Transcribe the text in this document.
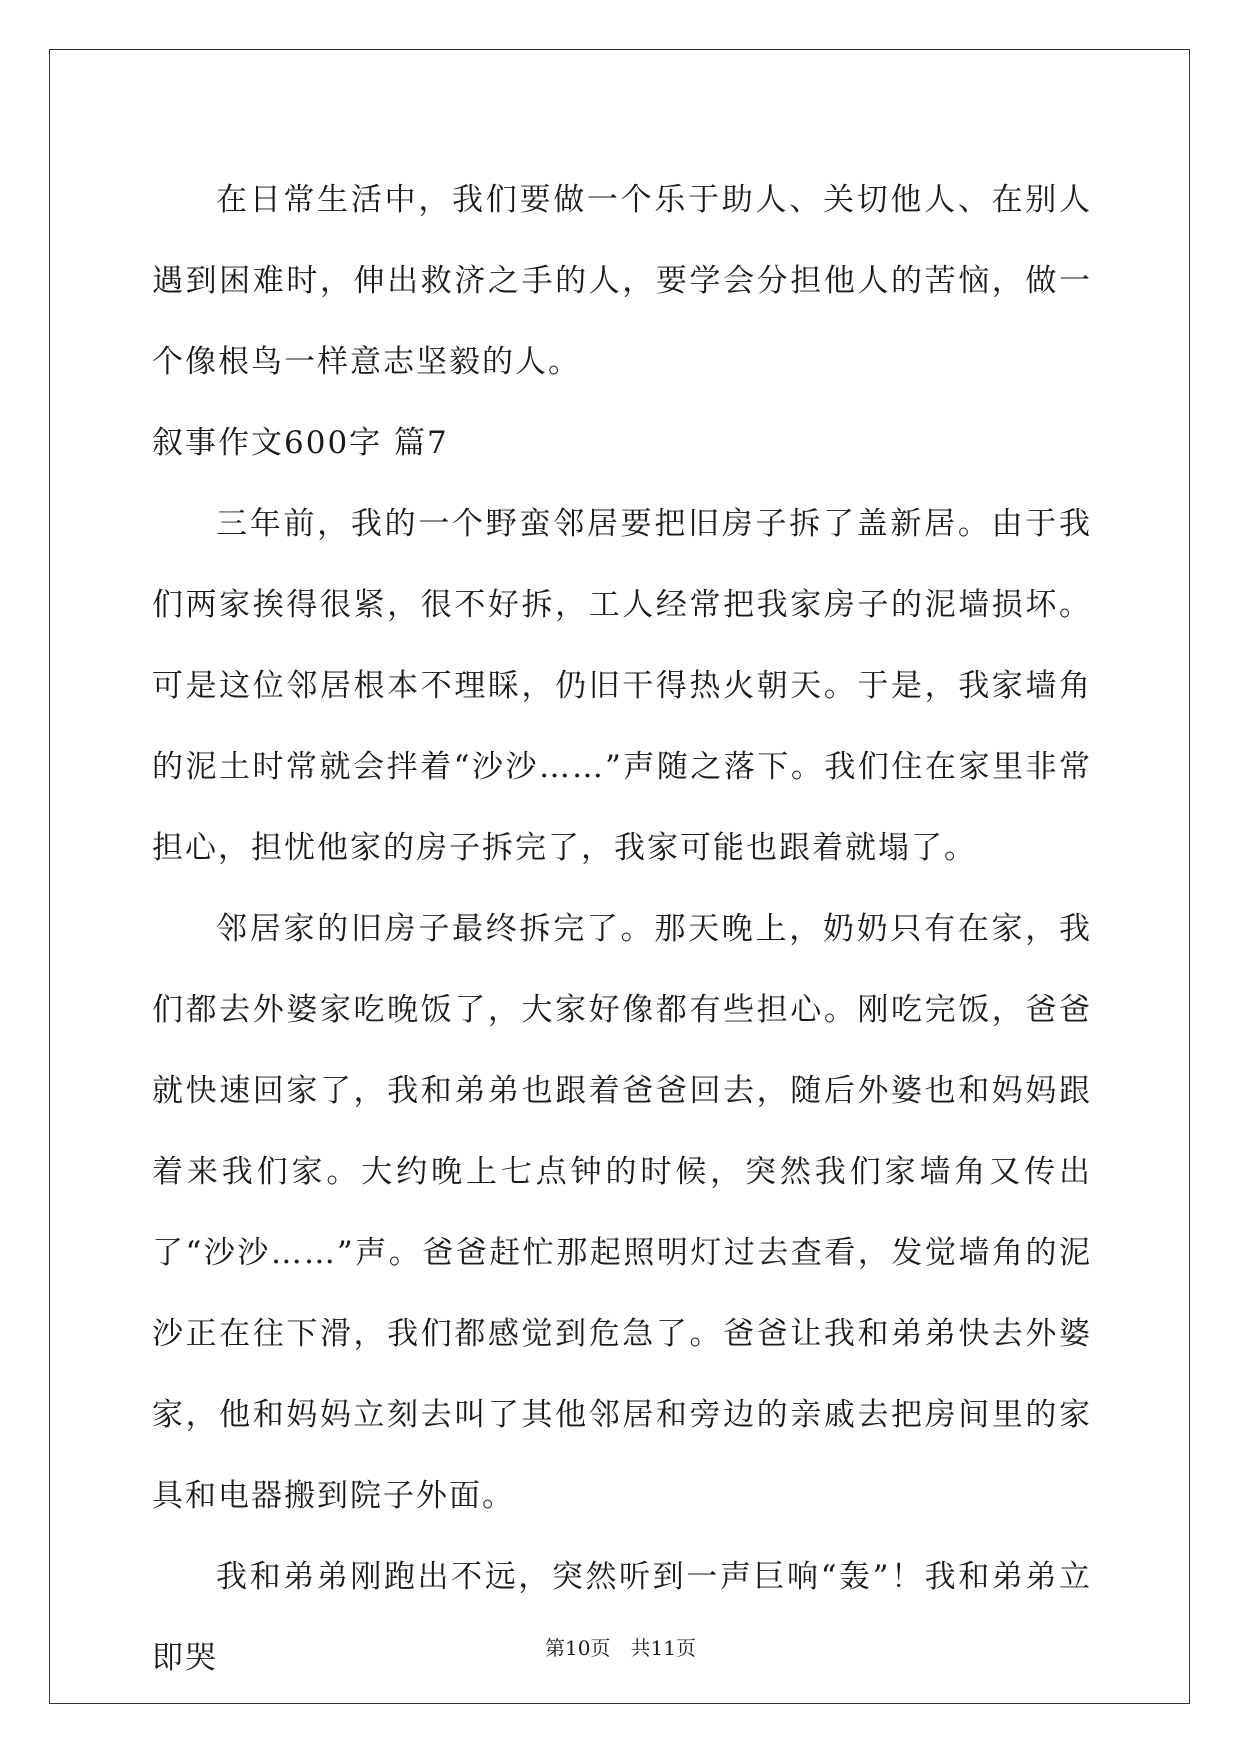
在日常生活中，我们要做一个乐于助人、关切他人、在别人遇到困难时，伸出救济之手的人，要学会分担他人的苦恼，做一个像根鸟一样意志坚毅的人。

叙事作文600字 篇7

三年前，我的一个野蛮邻居要把旧房子拆了盖新居。由于我们两家挨得很紧，很不好拆，工人经常把我家房子的泥墙损坏。可是这位邻居根本不理睬，仍旧干得热火朝天。于是，我家墙角的泥土时常就会拌着“沙沙……”声随之落下。我们住在家里非常担心，担忧他家的房子拆完了，我家可能也跟着就塌了。

邻居家的旧房子最终拆完了。那天晚上，奶奶只有在家，我们都去外婆家吃晚饭了，大家好像都有些担心。刚吃完饭，爸爸就快速回家了，我和弟弟也跟着爸爸回去，随后外婆也和妈妈跟着来我们家。大约晚上七点钟的时候，突然我们家墙角又传出了“沙沙……”声。爸爸赶忙那起照明灯过去查看，发觉墙角的泥沙正在往下滑，我们都感觉到危急了。爸爸让我和弟弟快去外婆家，他和妈妈立刻去叫了其他邻居和旁边的亲戚去把房间里的家具和电器搬到院子外面。

我和弟弟刚跑出不远，突然听到一声巨响“轰”！我和弟弟立即哭	第10页 共11页
